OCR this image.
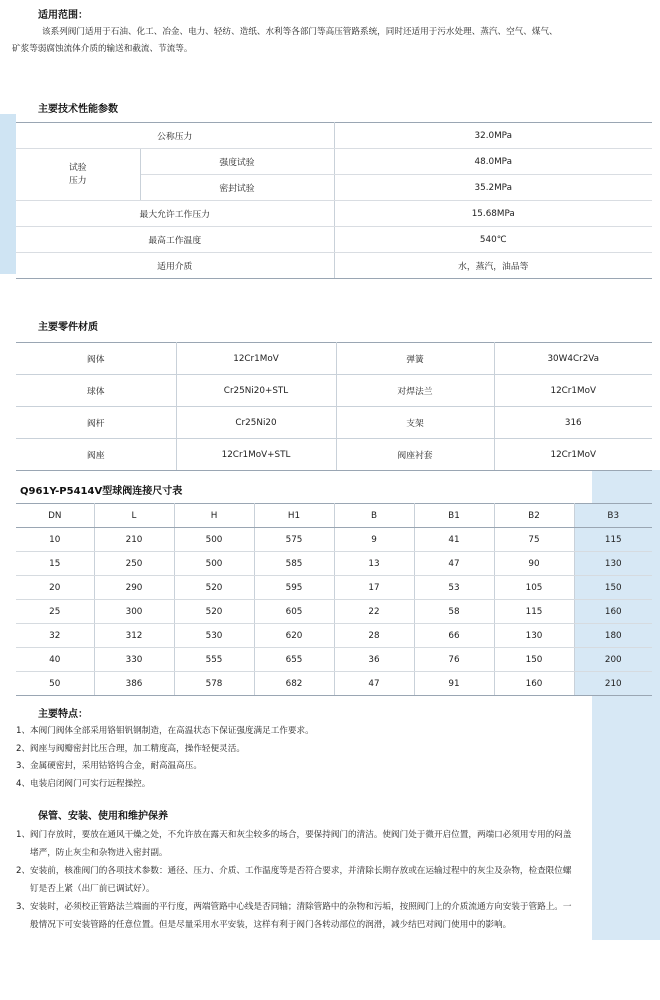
适用范围：
该系列阀门适用于石油、化工、冶金、电力、轻纺、造纸、水利等各部门等高压管路系统，同时还适用于污水处理、蒸汽、空气、煤气、
矿浆等弱腐蚀流体介质的输送和截流、节流等。
主要技术性能参数
公称压力		32.0MPa
试验
压力	强度试验	48.0MPa
	密封试验	35.2MPa
最大允许工作压力		15.68MPa
最高工作温度		540℃
适用介质		水，蒸汽，油品等
主要零件材质
阀体	12Cr1MoV	弹簧	30W4Cr2Va
球体	Cr25Ni20+STL	对焊法兰	12Cr1MoV
阀杆	Cr25Ni20	支架	316
阀座	12Cr1MoV+STL	阀座衬套	12Cr1MoV
Q961Y-P5414V型球阀连接尺寸表
DN	L	H	H1	B	B1	B2	B3
10	210	500	575	9	41	75	115
15	250	500	585	13	47	90	130
20	290	520	595	17	53	105	150
25	300	520	605	22	58	115	160
32	312	530	620	28	66	130	180
40	330	555	655	36	76	150	200
50	386	578	682	47	91	160	210
主要特点：
1、本阀门阀体全部采用铬钼钒钢制造，在高温状态下保证强度满足工作要求。
2、阀座与阀瓣密封比压合理，加工精度高，操作轻便灵活。
3、金属硬密封，采用钴铬钨合金，耐高温高压。
4、电装启闭阀门可实行远程操控。
保管、安装、使用和维护保养
1、阀门存放时，要放在通风干燥之处，不允许放在露天和灰尘较多的场合，要保持阀门的清洁。使阀门处于微开启位置，两端口必须用专用的闷盖
堵严，防止灰尘和杂物进入密封副。
2、安装前，核准阀门的各项技术参数：通径、压力、介质、工作温度等是否符合要求，并清除长期存放或在运输过程中的灰尘及杂物，检查限位螺
钉是否上紧（出厂前已调试好）。
3、安装时，必须校正管路法兰端面的平行度，两端管路中心线是否同轴；清除管路中的杂物和污垢，按照阀门上的介质流通方向安装于管路上。一
般情况下可安装管路的任意位置。但是尽量采用水平安装，这样有利于阀门各转动部位的润滑，减少结巴对阀门使用中的影响。
